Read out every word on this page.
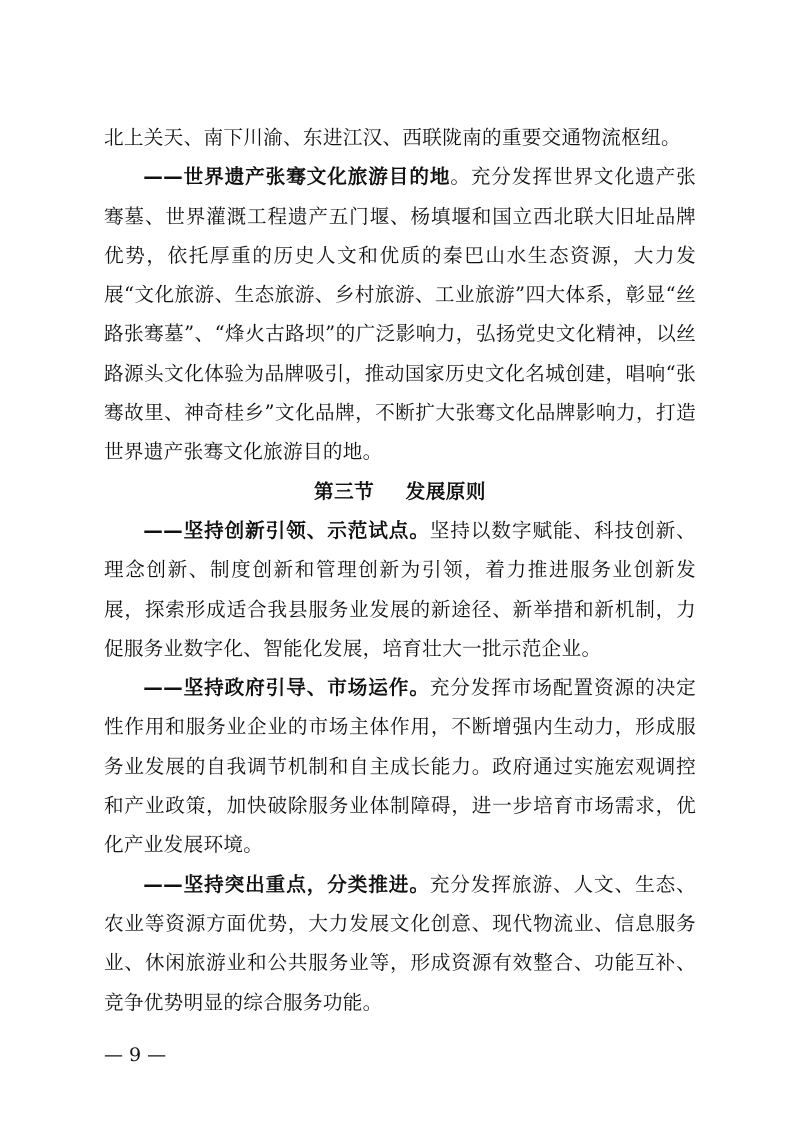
北上关天、南下川渝、东进江汉、西联陇南的重要交通物流枢纽。

——世界遗产张骞文化旅游目的地。充分发挥世界文化遗产张骞墓、世界灌溉工程遗产五门堰、杨填堰和国立西北联大旧址品牌优势，依托厚重的历史人文和优质的秦巴山水生态资源，大力发展“文化旅游、生态旅游、乡村旅游、工业旅游”四大体系，彰显“丝路张骞墓”、“烽火古路坝”的广泛影响力，弘扬党史文化精神，以丝路源头文化体验为品牌吸引，推动国家历史文化名城创建，唱响“张骞故里、神奇桂乡”文化品牌，不断扩大张骞文化品牌影响力，打造世界遗产张骞文化旅游目的地。

第三节 发展原则

——坚持创新引领、示范试点。坚持以数字赋能、科技创新、理念创新、制度创新和管理创新为引领，着力推进服务业创新发展，探索形成适合我县服务业发展的新途径、新举措和新机制，力促服务业数字化、智能化发展，培育壮大一批示范企业。

——坚持政府引导、市场运作。充分发挥市场配置资源的决定性作用和服务业企业的市场主体作用，不断增强内生动力，形成服务业发展的自我调节机制和自主成长能力。政府通过实施宏观调控和产业政策，加快破除服务业体制障碍，进一步培育市场需求，优化产业发展环境。

——坚持突出重点，分类推进。充分发挥旅游、人文、生态、农业等资源方面优势，大力发展文化创意、现代物流业、信息服务业、休闲旅游业和公共服务业等，形成资源有效整合、功能互补、竞争优势明显的综合服务功能。

— 9 —
